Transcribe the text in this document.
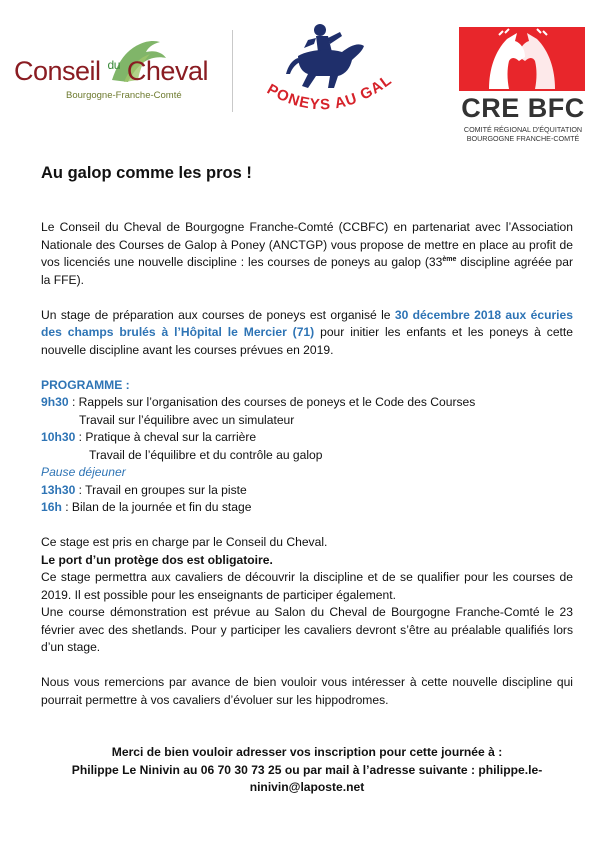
Conseil $^{du}$ Cheval
Bourgogne-Franche-Comté	PONEYS AU GAL
CRE BFC
COMITÉ RÉGIONAL D'ÉQUITATION
BOURGOGNE FRANCHE-COMTÉ
Au galop comme les pros !

Le Conseil du Cheval de Bourgogne Franche-Comté (CCBFC) en partenariat avec l’Association Nationale des Courses de Galop à Poney (ANCTGP) vous propose de mettre en place au profit de vos licenciés une nouvelle discipline : les courses de poneys au galop (33ème discipline agréée par la FFE).

Un stage de préparation aux courses de poneys est organisé le 30 décembre 2018 aux écuries des champs brulés à l’Hôpital le Mercier (71) pour initier les enfants et les poneys à cette nouvelle discipline avant les courses prévues en 2019.

PROGRAMME :

9h30 : Rappels sur l’organisation des courses de poneys et le Code des Courses

Travail sur l’équilibre avec un simulateur

10h30 : Pratique à cheval sur la carrière

Travail de l’équilibre et du contrôle au galop

Pause déjeuner

13h30 : Travail en groupes sur la piste

16h : Bilan de la journée et fin du stage

Ce stage est pris en charge par le Conseil du Cheval.

Le port d’un protège dos est obligatoire.

Ce stage permettra aux cavaliers de découvrir la discipline et de se qualifier pour les courses de 2019. Il est possible pour les enseignants de participer également.

Une course démonstration est prévue au Salon du Cheval de Bourgogne Franche-Comté le 23 février avec des shetlands. Pour y participer les cavaliers devront s’être au préalable qualifiés lors d’un stage.

Nous vous remercions par avance de bien vouloir vous intéresser à cette nouvelle discipline qui pourrait permettre à vos cavaliers d’évoluer sur les hippodromes.

Merci de bien vouloir adresser vos inscription pour cette journée à :

Philippe Le Ninivin au 06 70 30 73 25 ou par mail à l’adresse suivante : philippe.le-

ninivin@laposte.net
